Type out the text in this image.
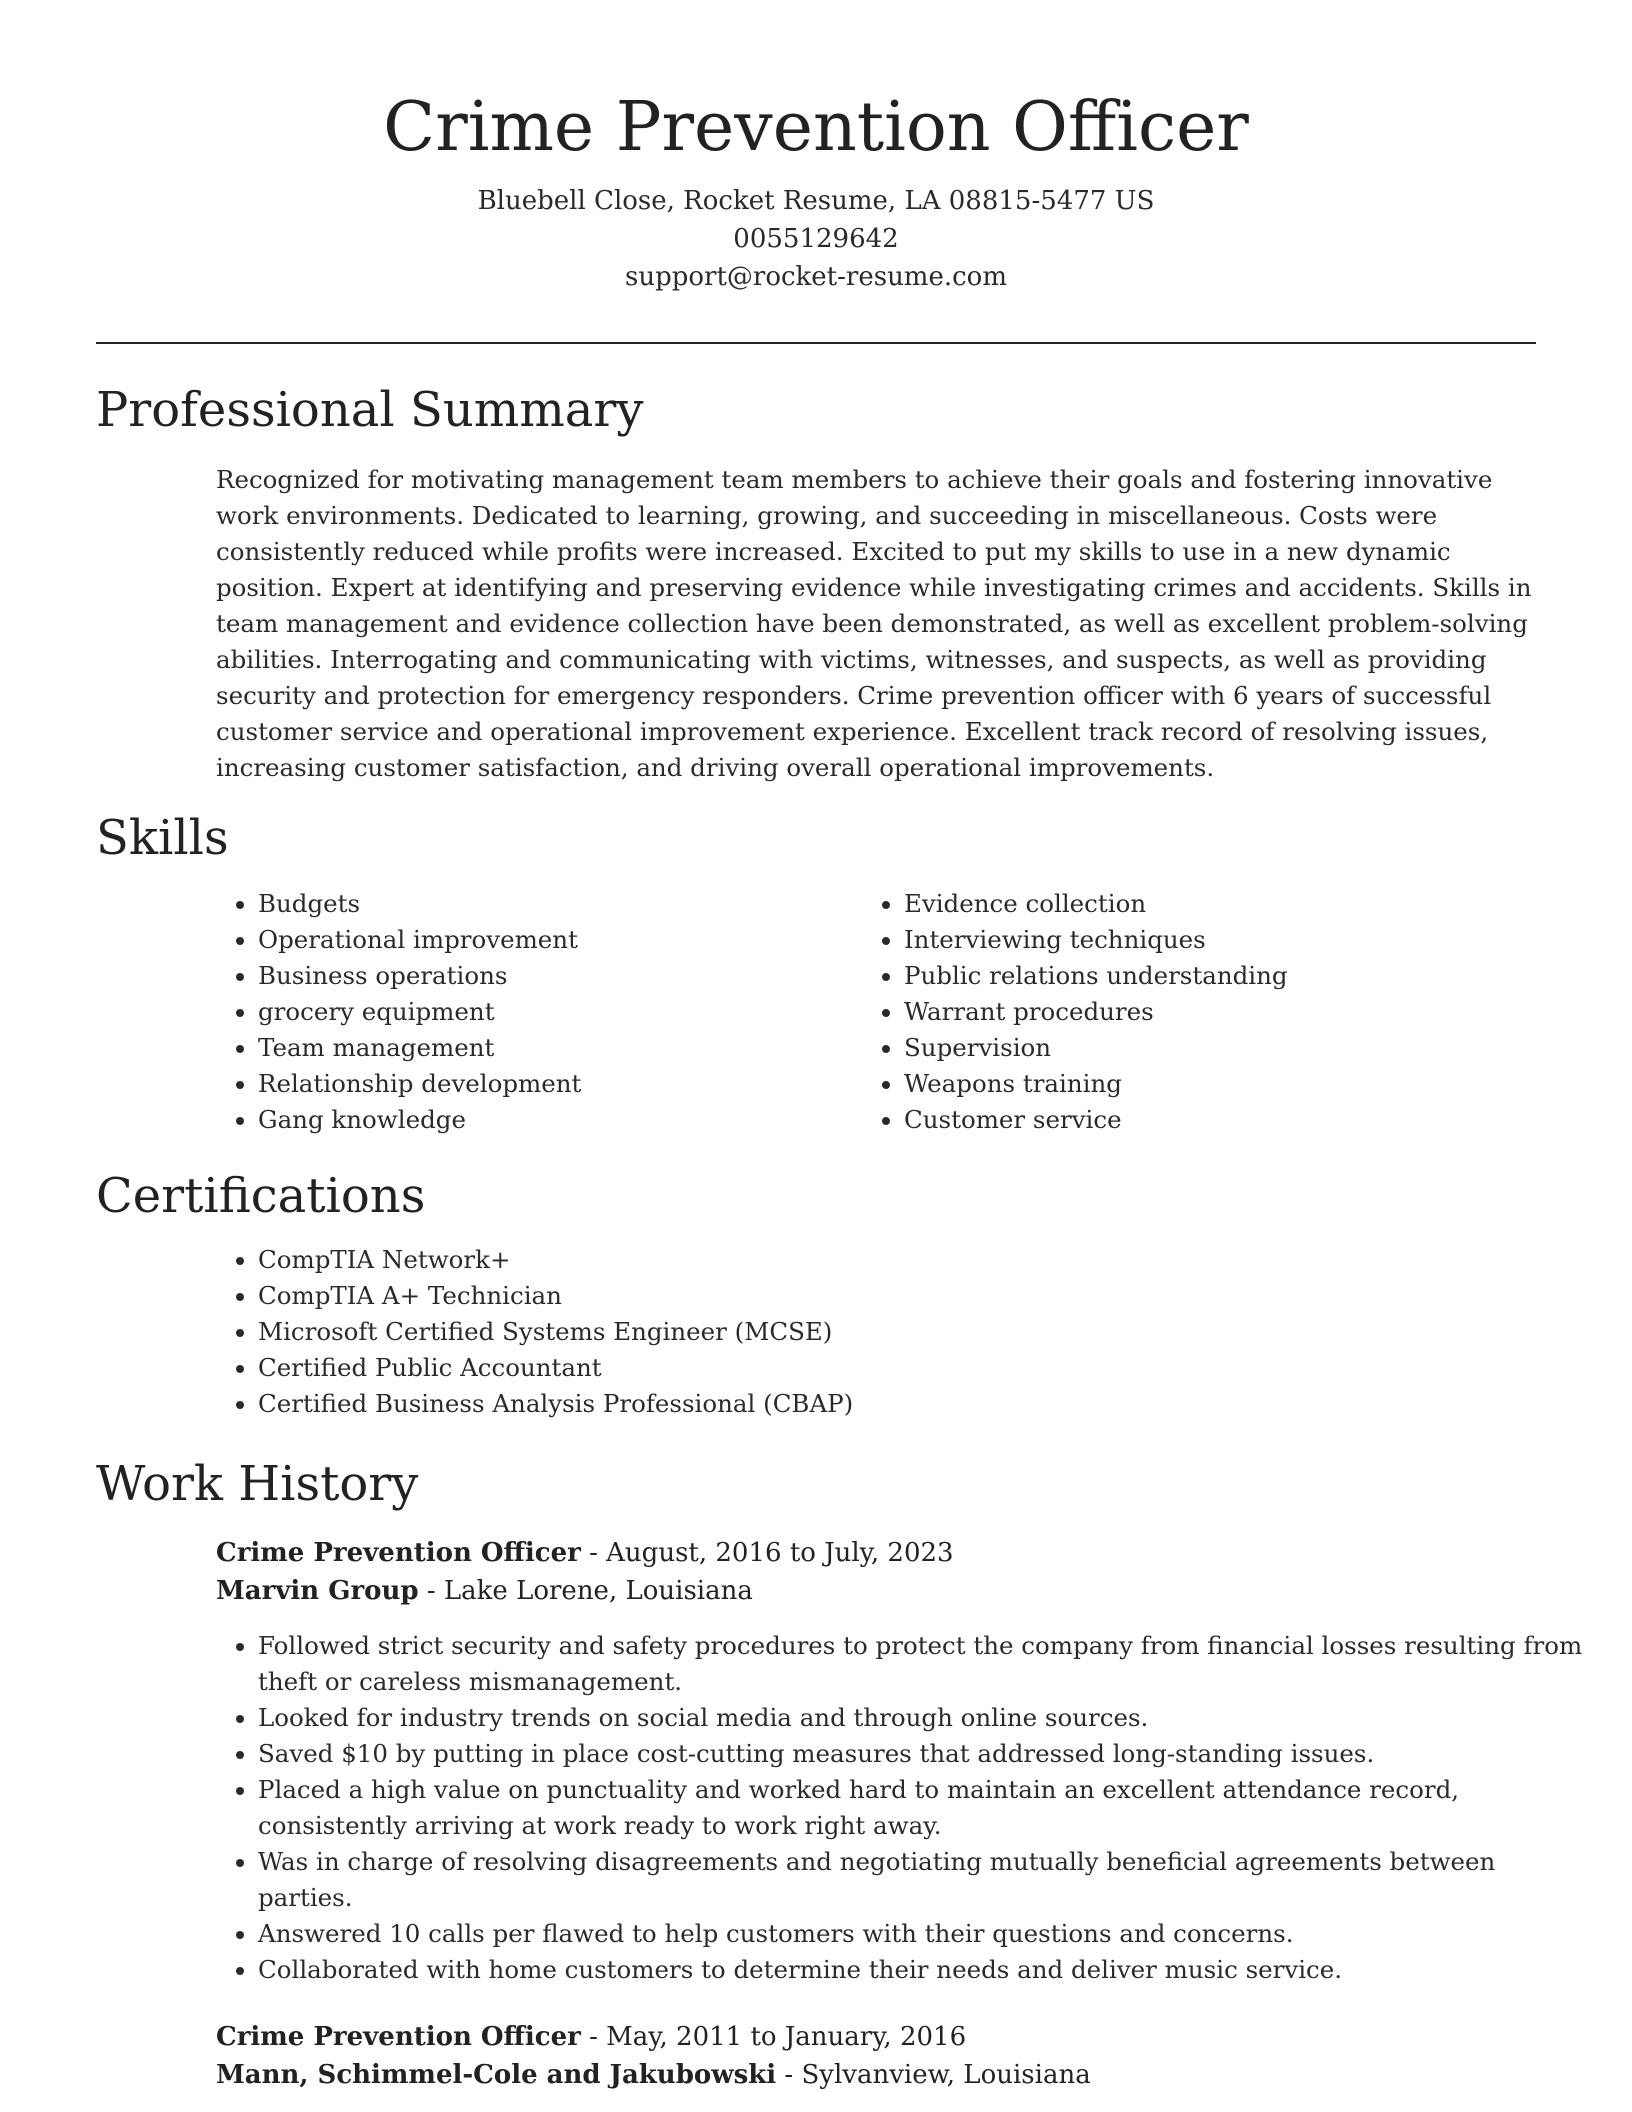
Crime Prevention Officer
Bluebell Close, Rocket Resume, LA 08815-5477 US
0055129642
support@rocket-resume.com
Professional Summary

Recognized for motivating management team members to achieve their goals and fostering innovative work environments. Dedicated to learning, growing, and succeeding in miscellaneous. Costs were consistently reduced while profits were increased. Excited to put my skills to use in a new dynamic position. Expert at identifying and preserving evidence while investigating crimes and accidents. Skills in team management and evidence collection have been demonstrated, as well as excellent problem-solving abilities. Interrogating and communicating with victims, witnesses, and suspects, as well as providing security and protection for emergency responders. Crime prevention officer with 6 years of successful customer service and operational improvement experience. Excellent track record of resolving issues, increasing customer satisfaction, and driving overall operational improvements.

Skills
• Budgets
• Operational improvement
• Business operations
• grocery equipment
• Team management
• Relationship development
• Gang knowledge
• Evidence collection
• Interviewing techniques
• Public relations understanding
• Warrant procedures
• Supervision
• Weapons training
• Customer service
Certifications
• CompTIA Network+
• CompTIA A+ Technician
• Microsoft Certified Systems Engineer (MCSE)
• Certified Public Accountant
• Certified Business Analysis Professional (CBAP)
Work History
Crime Prevention Officer - August, 2016 to July, 2023
Marvin Group - Lake Lorene, Louisiana
• Followed strict security and safety procedures to protect the company from financial losses resulting from theft or careless mismanagement.
• Looked for industry trends on social media and through online sources.
• Saved $10 by putting in place cost-cutting measures that addressed long-standing issues.
• Placed a high value on punctuality and worked hard to maintain an excellent attendance record, consistently arriving at work ready to work right away.
• Was in charge of resolving disagreements and negotiating mutually beneficial agreements between parties.
• Answered 10 calls per flawed to help customers with their questions and concerns.
• Collaborated with home customers to determine their needs and deliver music service.
Crime Prevention Officer - May, 2011 to January, 2016
Mann, Schimmel-Cole and Jakubowski - Sylvanview, Louisiana
